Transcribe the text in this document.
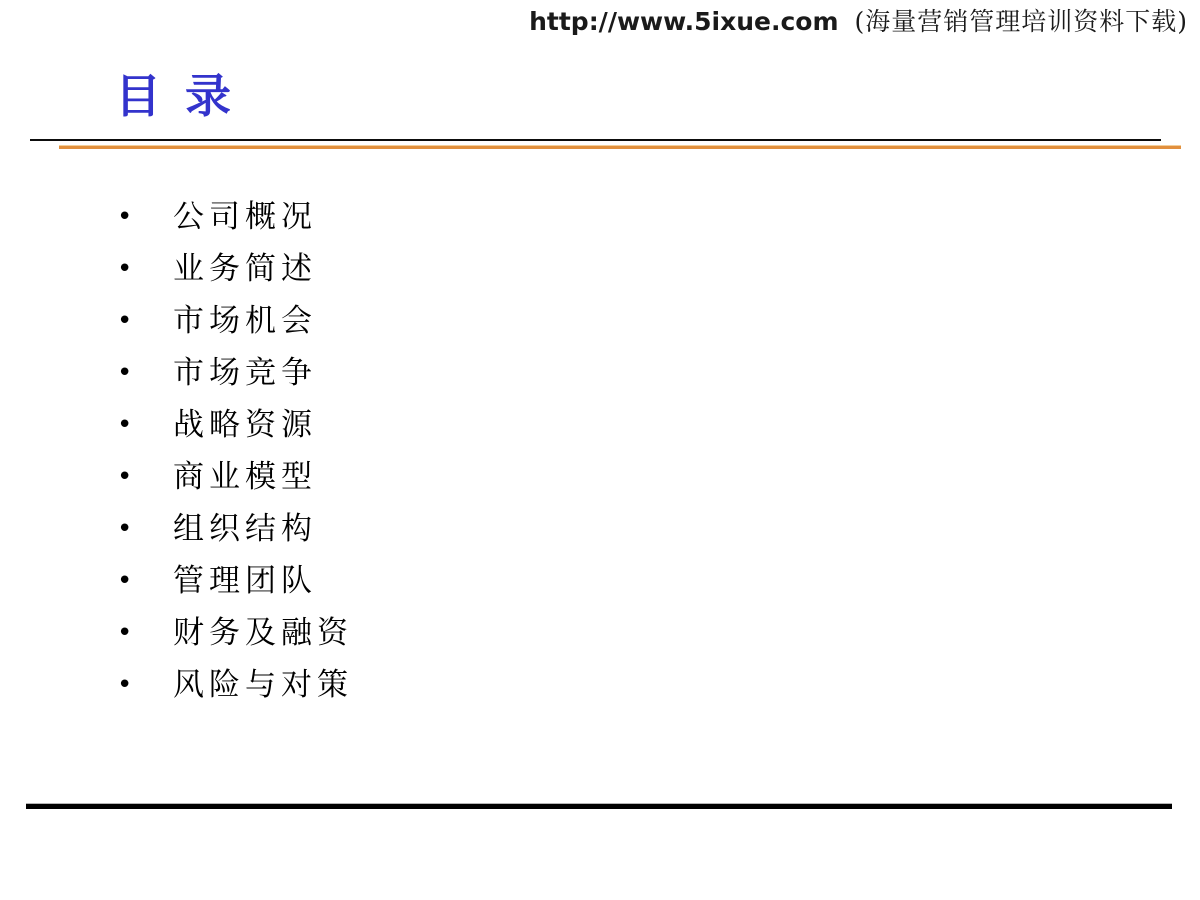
http://www.5ixue.com (海量营销管理培训资料下载)
目 录
•	公司概况
•	业务简述
•	市场机会
•	市场竞争
•	战略资源
•	商业模型
•	组织结构
•	管理团队
•	财务及融资
•	风险与对策
